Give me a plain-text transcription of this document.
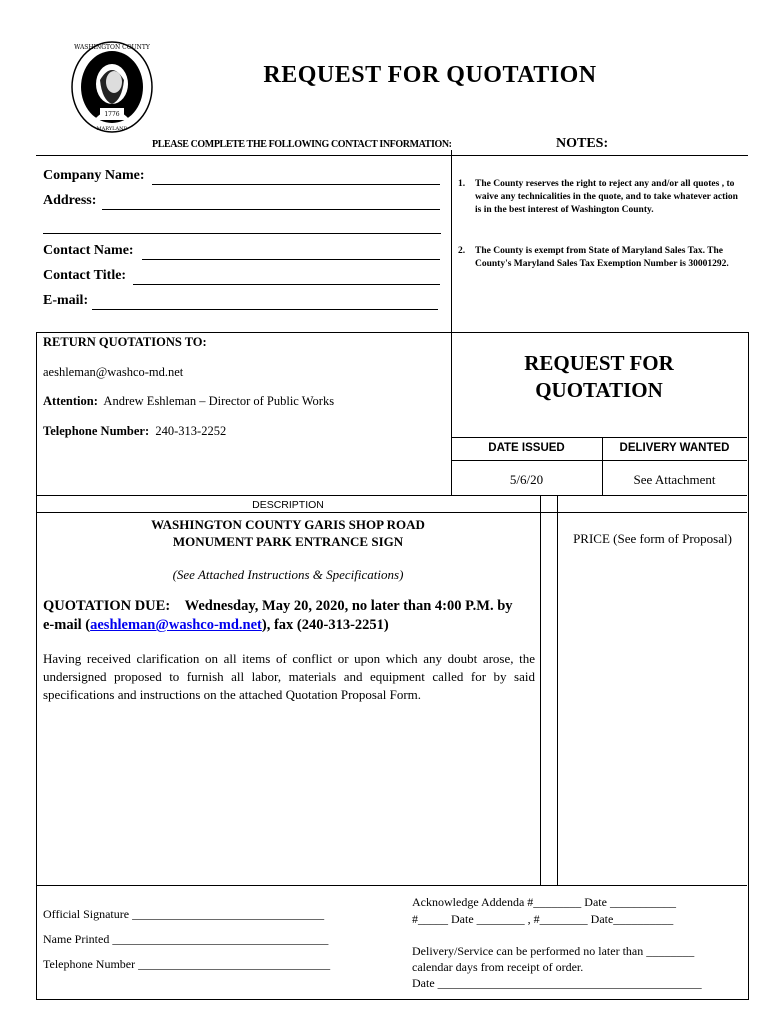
1776
WASHINGTON COUNTY
MARYLAND
REQUEST FOR QUOTATION
PLEASE COMPLETE THE FOLLOWING CONTACT INFORMATION:	NOTES:
Company Name:
Address:
Contact Name:
Contact Title:
E-mail:
1.	The County reserves the right to reject any and/or all quotes , to waive any technicalities in the quote, and to take whatever action is in the best interest of Washington County.
2.	The County is exempt from State of Maryland Sales Tax. The County's Maryland Sales Tax Exemption Number is 30001292.
RETURN QUOTATIONS TO:
aeshleman@washco-md.net
Attention: Andrew Eshleman – Director of Public Works
Telephone Number: 240-313-2252
REQUEST FOR
QUOTATION
DATE ISSUED	DELIVERY WANTED
5/6/20	See Attachment
DESCRIPTION
WASHINGTON COUNTY GARIS SHOP ROAD
MONUMENT PARK ENTRANCE SIGN	PRICE (See form of Proposal)
(See Attached Instructions & Specifications)
QUOTATION DUE: Wednesday, May 20, 2020, no later than 4:00 P.M. by
e-mail (aeshleman@washco-md.net), fax (240-313-2251)
Having received clarification on all items of conflict or upon which any doubt arose, the undersigned proposed to furnish all labor, materials and equipment called for by said specifications and instructions on the attached Quotation Proposal Form.
Official Signature ________________________________
Name Printed ____________________________________
Telephone Number ________________________________
Acknowledge Addenda #________ Date ___________
#_____ Date ________ , #________ Date__________
Delivery/Service can be performed no later than ________
calendar days from receipt of order.
Date ____________________________________________
